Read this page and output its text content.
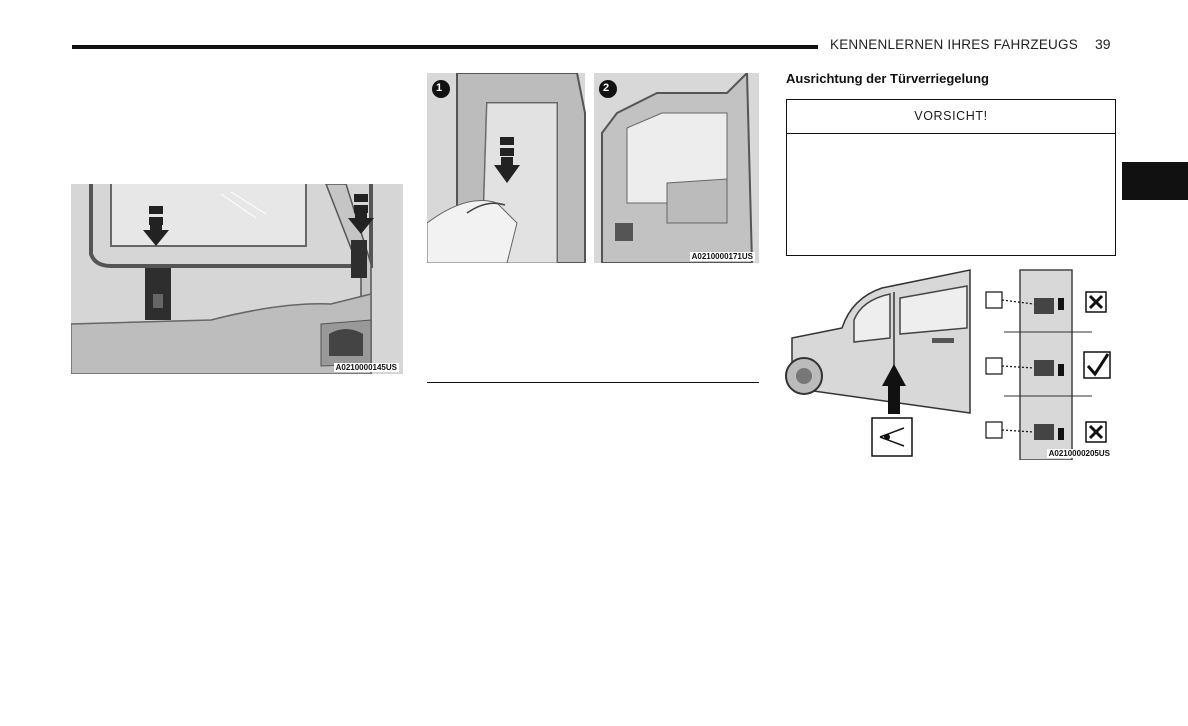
KENNENLERNEN IHRES FAHRZEUGS 39
A0210000145US
1	2
A0210000171US
Ausrichtung der Türverriegelung
VORSICHT!
A0210000205US
